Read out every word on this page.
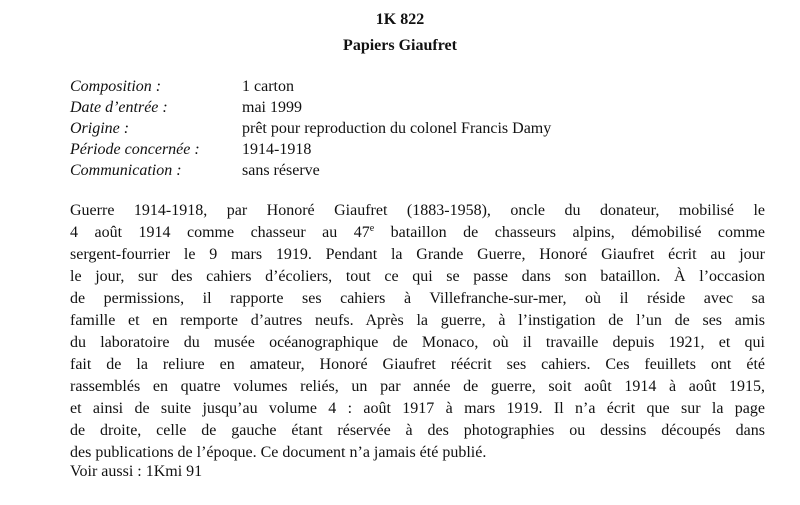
1K 822
Papiers Giaufret
Composition :	1 carton
Date d’entrée :	mai 1999
Origine :	prêt pour reproduction du colonel Francis Damy
Période concernée :	1914-1918
Communication :	sans réserve
Guerre 1914-1918, par Honoré Giaufret (1883-1958), oncle du donateur, mobilisé le
4 août 1914 comme chasseur au 47e bataillon de chasseurs alpins, démobilisé comme
sergent-fourrier le 9 mars 1919. Pendant la Grande Guerre, Honoré Giaufret écrit au jour
le jour, sur des cahiers d’écoliers, tout ce qui se passe dans son bataillon. À l’occasion
de permissions, il rapporte ses cahiers à Villefranche-sur-mer, où il réside avec sa
famille et en remporte d’autres neufs. Après la guerre, à l’instigation de l’un de ses amis
du laboratoire du musée océanographique de Monaco, où il travaille depuis 1921, et qui
fait de la reliure en amateur, Honoré Giaufret réécrit ses cahiers. Ces feuillets ont été
rassemblés en quatre volumes reliés, un par année de guerre, soit août 1914 à août 1915,
et ainsi de suite jusqu’au volume 4 : août 1917 à mars 1919. Il n’a écrit que sur la page
de droite, celle de gauche étant réservée à des photographies ou dessins découpés dans
des publications de l’époque. Ce document n’a jamais été publié.
Voir aussi : 1Kmi 91
